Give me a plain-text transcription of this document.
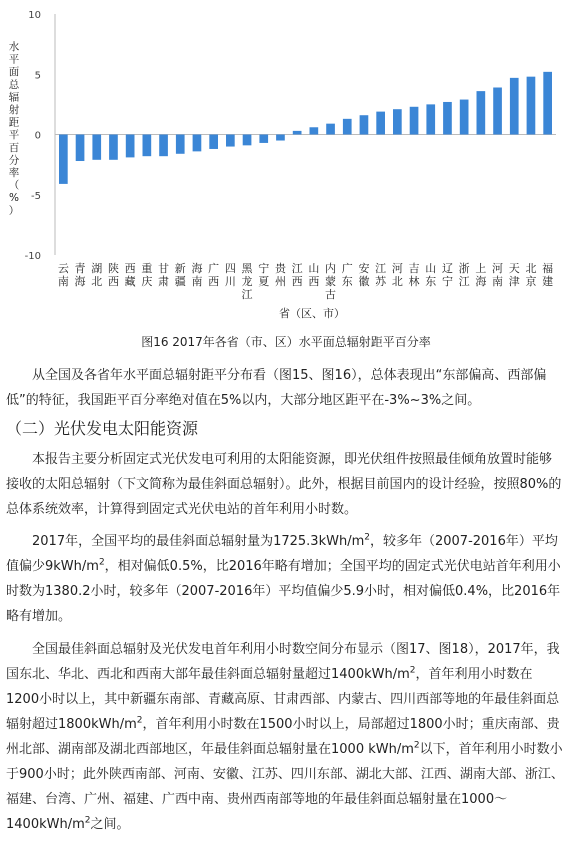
-10
-5
0
5
10
云
南
青
海
湖
北
陕
西
西
藏
重
庆
甘
肃
新
疆
海
南
广
西
四
川
黑
龙
江
宁
夏
贵
州
江
西
山
西
内
蒙
古
广
东
安
徽
江
苏
河
北
吉
林
山
东
辽
宁
浙
江
上
海
河
南
天
津
北
京
福
建
水
平
面
总
辐
射
距
平
百
分
率
（
%
）
省（区、市）
图16 2017年各省（市、区）水平面总辐射距平百分率

从全国及各省年水平面总辐射距平分布看（图15、图16），总体表现出“东部偏高、西部偏低”的特征，我国距平百分率绝对值在5%以内，大部分地区距平在-3%~3%之间。

（二）光伏发电太阳能资源

本报告主要分析固定式光伏发电可利用的太阳能资源，即光伏组件按照最佳倾角放置时能够接收的太阳总辐射（下文简称为最佳斜面总辐射）。此外，根据目前国内的设计经验，按照80%的总体系统效率，计算得到固定式光伏电站的首年利用小时数。

2017年，全国平均的最佳斜面总辐射量为$1725.3kWh/m^2$，较多年（2007-2016年）平均值偏少$9kWh/m^2$，相对偏低0.5%，比2016年略有增加；全国平均的固定式光伏电站首年利用小时数为1380.2小时，较多年（2007-2016年）平均值偏少5.9小时，相对偏低0.4%，比2016年略有增加。

全国最佳斜面总辐射及光伏发电首年利用小时数空间分布显示（图17、图18），2017年，我国东北、华北、西北和西南大部年最佳斜面总辐射量超过$1400kWh/m^2$，首年利用小时数在1200小时以上，其中新疆东南部、青藏高原、甘肃西部、内蒙古、四川西部等地的年最佳斜面总辐射超过$1800kWh/m^2$，首年利用小时数在1500小时以上，局部超过1800小时；重庆南部、贵州北部、湖南部及湖北西部地区，年最佳斜面总辐射量在1000 kWh/$m^2$以下，首年利用小时数小于900小时；此外陕西南部、河南、安徽、江苏、四川东部、湖北大部、江西、湖南大部、浙江、福建、台湾、广州、福建、广西中南、贵州西南部等地的年最佳斜面总辐射量在$1000\sim 1400kWh/m^2$之间。
